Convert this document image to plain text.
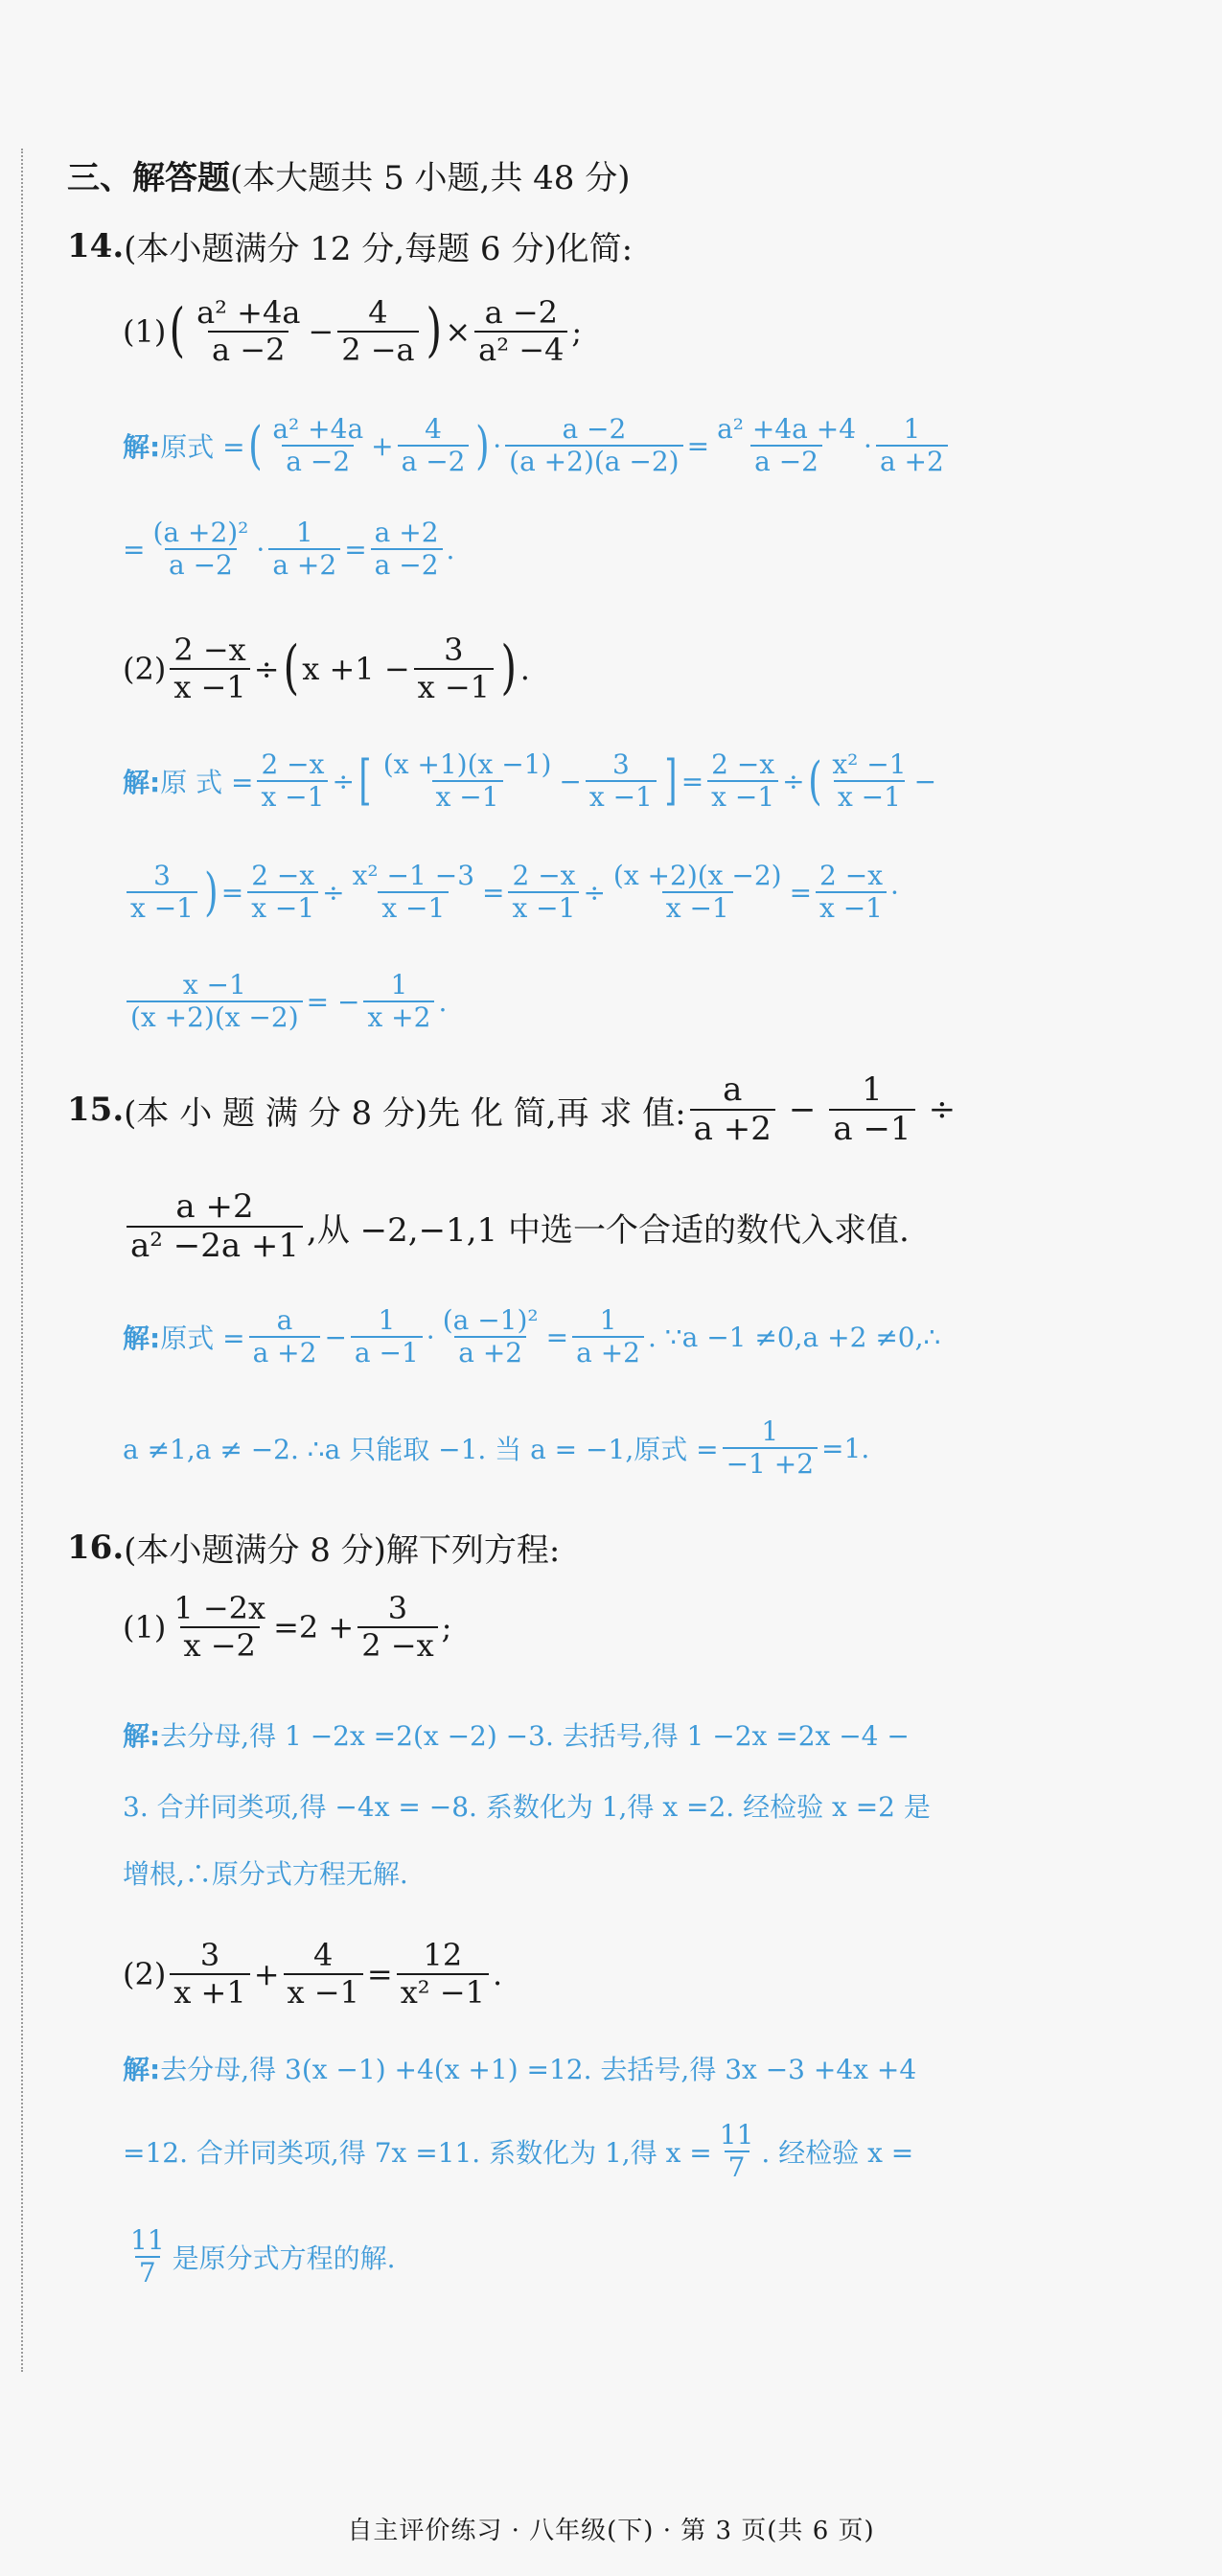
三、解答题 (本大题共 5 小题,共 48 分)
14. (本小题满分 12 分,每题 6 分)化简:
(1) ( $\frac{\text{a² +4a}}{a -2} - \frac{4}{2 -a}$ ) × $\frac{a -2}{\text{a² −4}}$ ;
解: 原式 = ( $\frac{\text{a² +4a}}{a -2} + \frac{4}{a -2}$ ) · $\frac{a -2}{(a +2)(a -2)} = \frac{\text{a² +4a +4}}{a -2} \cdot \frac{1}{a +2}$
= $\frac{\text{(a +2)²}}{a -2} \cdot \frac{1}{a +2} = \frac{a +2}{a -2}$ .
$(2) \frac{2 -x}{x -1}$ ÷ ( $x +1 - \frac{3}{x -1}$ ) .
解: 原 式 = $\frac{2 -x}{x -1}$ ÷ [ $\frac{(x +1)(x -1)}{x -1} - \frac{3}{x -1}$ ] = $\frac{2 -x}{x -1}$ ÷ ( $\frac{\text{x² −1}}{x -1}$ −
$\frac{3}{x -1}$ ) = $\frac{2 -x}{x -1} \div \frac{\text{x² −1 −3}}{x -1} = \frac{2 -x}{x -1} \div \frac{(x +2)(x -2)}{x -1} = \frac{2 -x}{x -1}$ ·
$\frac{x -1}{(x +2)(x -2)}$ = − $\frac{1}{x +2}$ .
15. (本 小 题 满 分 8 分)先 化 简,再 求 值: $\frac{a}{a +2} - \frac{1}{a -1}$ ÷
$\frac{a +2}{\text{a² −2a +1}}$ ,从 −2,−1,1 中选一个合适的数代入求值.
解: 原式 = $\frac{a}{a +2} - \frac{1}{a -1} \cdot \frac{\text{(a −1)²}}{a +2} = \frac{1}{a +2}$ . ∵a −1 ≠0,a +2 ≠0,∴
a ≠1,a ≠ −2. ∴a 只能取 −1. 当 a = −1,原式 = $\frac{1}{-1 +2} =1$.
16. (本小题满分 8 分)解下列方程:
$(1) \frac{1 -2x}{x -2} =2 + \frac{3}{2 -x}$ ;
解: 去分母,得 1 −2x =2(x −2) −3. 去括号,得 1 −2x =2x −4 −
3. 合并同类项,得 −4x = −8. 系数化为 1,得 x =2. 经检验 x =2 是
增根,∴原分式方程无解.
$(2) \frac{3}{x +1} + \frac{4}{x -1} = \frac{12}{\text{x² −1}}$ .
解: 去分母,得 3(x −1) +4(x +1) =12. 去括号,得 3x −3 +4x +4
=12. 合并同类项,得 7x =11. 系数化为 1,得 $x = \frac{11}{7}$ . 经检验 x =
$\frac{11}{7}$ 是原分式方程的解.
自主评价练习 · 八年级(下) · 第 3 页(共 6 页)
